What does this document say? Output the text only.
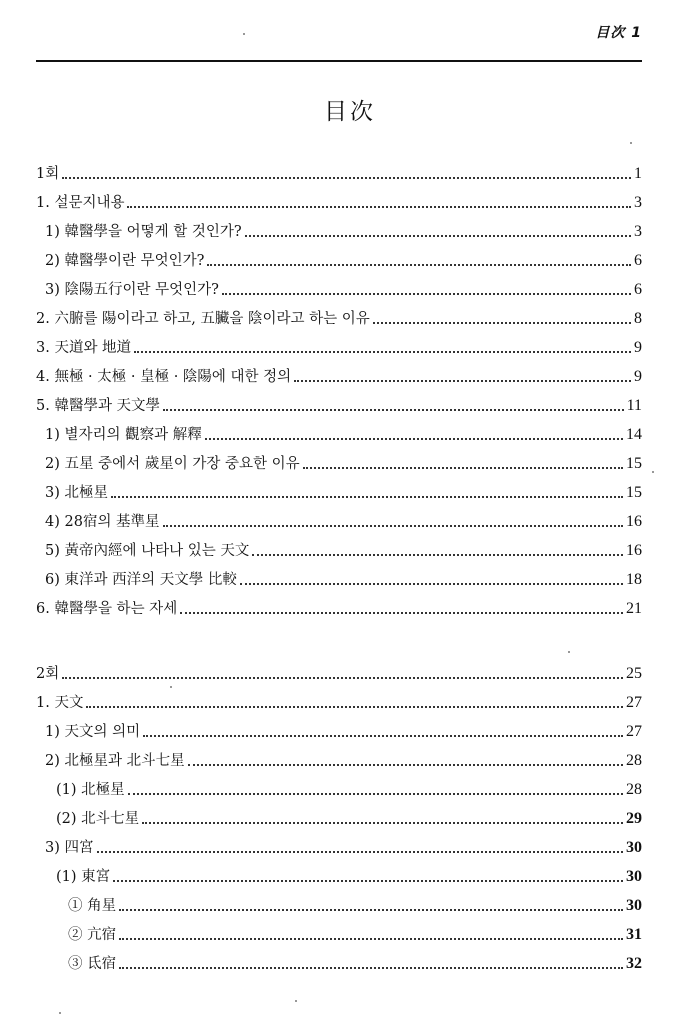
目次 1
目次
1회	1
1. 설문지내용	3
1) 韓醫學을 어떻게 할 것인가?	3
2) 韓醫學이란 무엇인가?	6
3) 陰陽五行이란 무엇인가?	6
2. 六腑를 陽이라고 하고, 五臟을 陰이라고 하는 이유	8
3. 天道와 地道	9
4. 無極 · 太極 · 皇極 · 陰陽에 대한 정의	9
5. 韓醫學과 天文學	11
1) 별자리의 觀察과 解釋	14
2) 五星 중에서 歲星이 가장 중요한 이유	15
3) 北極星	15
4) 28宿의 基準星	16
5) 黃帝內經에 나타나 있는 天文	16
6) 東洋과 西洋의 天文學 比較	18
6. 韓醫學을 하는 자세	21
2회	25
1. 天文	27
1) 天文의 의미	27
2) 北極星과 北斗七星	28
(1) 北極星	28
(2) 北斗七星	29
3) 四宮	30
(1) 東宮	30
① 角星	30
② 亢宿	31
③ 氐宿	32
